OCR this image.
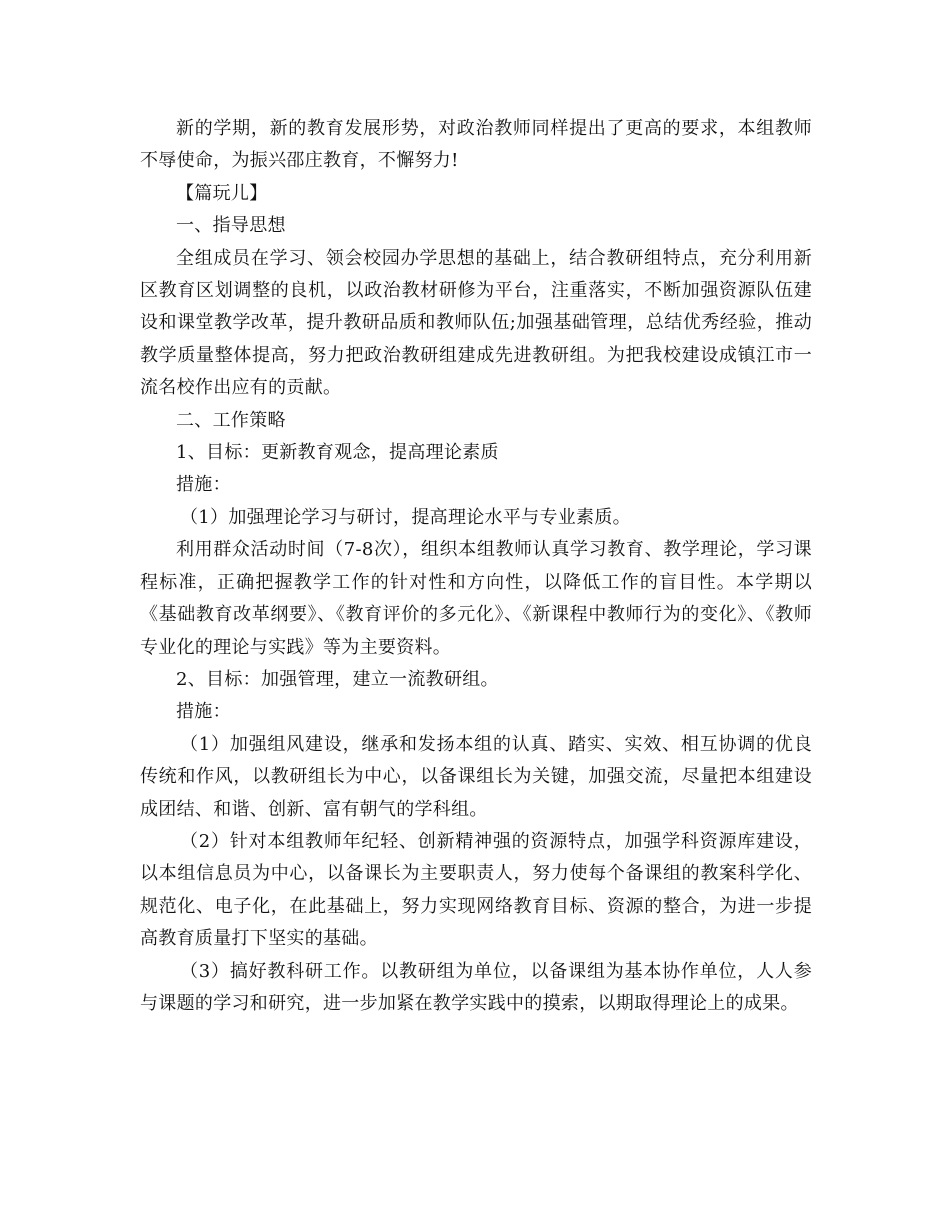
新的学期，新的教育发展形势，对政治教师同样提出了更高的要求，本组教师不辱使命，为振兴邵庄教育，不懈努力!

【篇玩儿】

一、指导思想

全组成员在学习、领会校园办学思想的基础上，结合教研组特点，充分利用新区教育区划调整的良机，以政治教材研修为平台，注重落实，不断加强资源队伍建设和课堂教学改革，提升教研品质和教师队伍;加强基础管理，总结优秀经验，推动教学质量整体提高，努力把政治教研组建成先进教研组。为把我校建设成镇江市一流名校作出应有的贡献。

二、工作策略

1、目标：更新教育观念，提高理论素质

措施：

（1）加强理论学习与研讨，提高理论水平与专业素质。

利用群众活动时间（7-8次），组织本组教师认真学习教育、教学理论，学习课程标准，正确把握教学工作的针对性和方向性，以降低工作的盲目性。本学期以《基础教育改革纲要》、《教育评价的多元化》、《新课程中教师行为的变化》、《教师专业化的理论与实践》等为主要资料。

2、目标：加强管理，建立一流教研组。

措施：

（1）加强组风建设，继承和发扬本组的认真、踏实、实效、相互协调的优良传统和作风，以教研组长为中心，以备课组长为关键，加强交流，尽量把本组建设成团结、和谐、创新、富有朝气的学科组。

（2）针对本组教师年纪轻、创新精神强的资源特点，加强学科资源库建设，以本组信息员为中心，以备课长为主要职责人，努力使每个备课组的教案科学化、规范化、电子化，在此基础上，努力实现网络教育目标、资源的整合，为进一步提高教育质量打下坚实的基础。

（3）搞好教科研工作。以教研组为单位，以备课组为基本协作单位，人人参与课题的学习和研究，进一步加紧在教学实践中的摸索，以期取得理论上的成果。
